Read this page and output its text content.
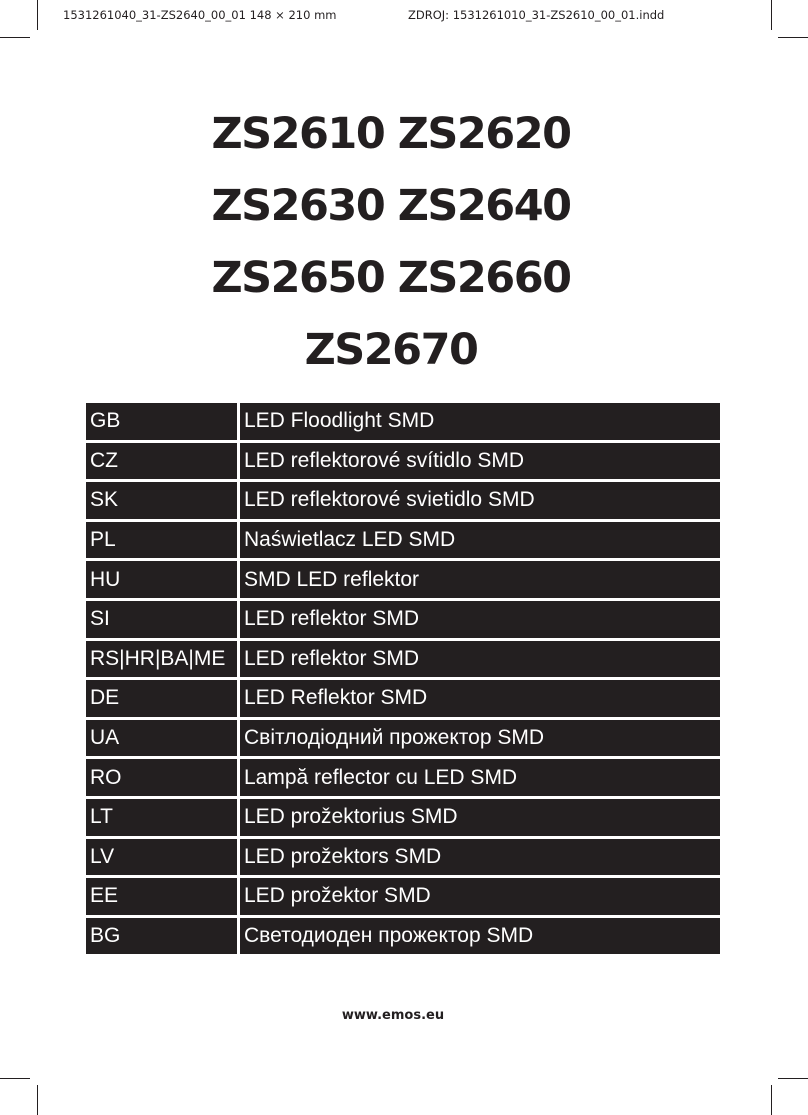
1531261040_31-ZS2640_00_01 148 × 210 mm	ZDROJ: 1531261010_31-ZS2610_00_01.indd
ZS2610 ZS2620
ZS2630 ZS2640
ZS2650 ZS2660
ZS2670
GB	LED Floodlight SMD
CZ	LED reflektorové svítidlo SMD
SK	LED reflektorové svietidlo SMD
PL	Naświetlacz LED SMD
HU	SMD LED reflektor
SI	LED reflektor SMD
RS|HR|BA|ME LED reflektor SMD
DE	LED Reflektor SMD
UA	Світлодіодний прожектор SMD
RO	Lampă reflector cu LED SMD
LT	LED prožektorius SMD
LV	LED prožektors SMD
EE	LED prožektor SMD
BG	Светодиоден прожектор SMD
www.emos.eu
